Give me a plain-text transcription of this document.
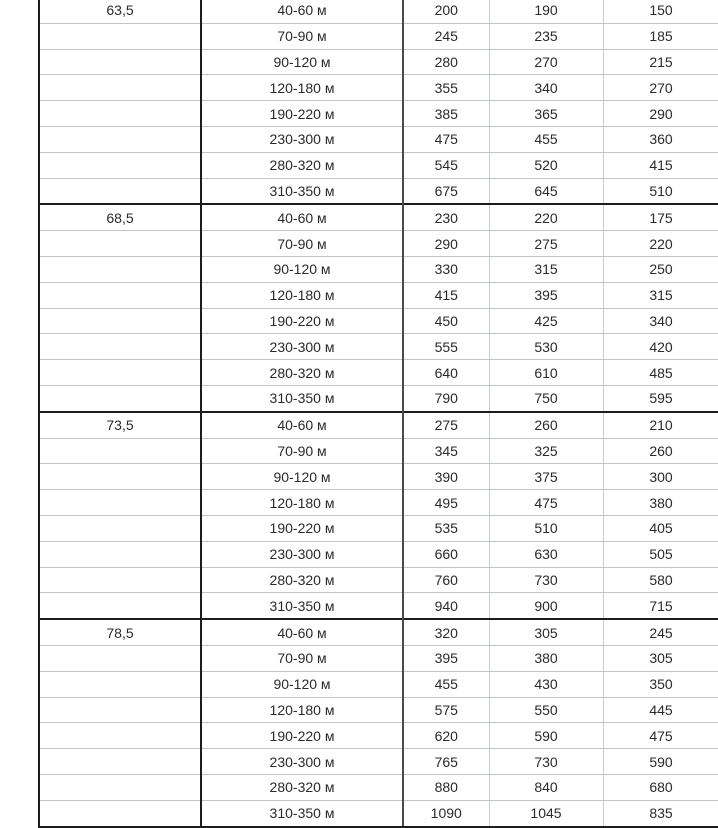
63,5	40-60 м	200	190	150
	70-90 м	245	235	185
	90-120 м	280	270	215
	120-180 м	355	340	270
	190-220 м	385	365	290
	230-300 м	475	455	360
	280-320 м	545	520	415
	310-350 м	675	645	510
68,5	40-60 м	230	220	175
	70-90 м	290	275	220
	90-120 м	330	315	250
	120-180 м	415	395	315
	190-220 м	450	425	340
	230-300 м	555	530	420
	280-320 м	640	610	485
	310-350 м	790	750	595
73,5	40-60 м	275	260	210
	70-90 м	345	325	260
	90-120 м	390	375	300
	120-180 м	495	475	380
	190-220 м	535	510	405
	230-300 м	660	630	505
	280-320 м	760	730	580
	310-350 м	940	900	715
78,5	40-60 м	320	305	245
	70-90 м	395	380	305
	90-120 м	455	430	350
	120-180 м	575	550	445
	190-220 м	620	590	475
	230-300 м	765	730	590
	280-320 м	880	840	680
	310-350 м	1090	1045	835
